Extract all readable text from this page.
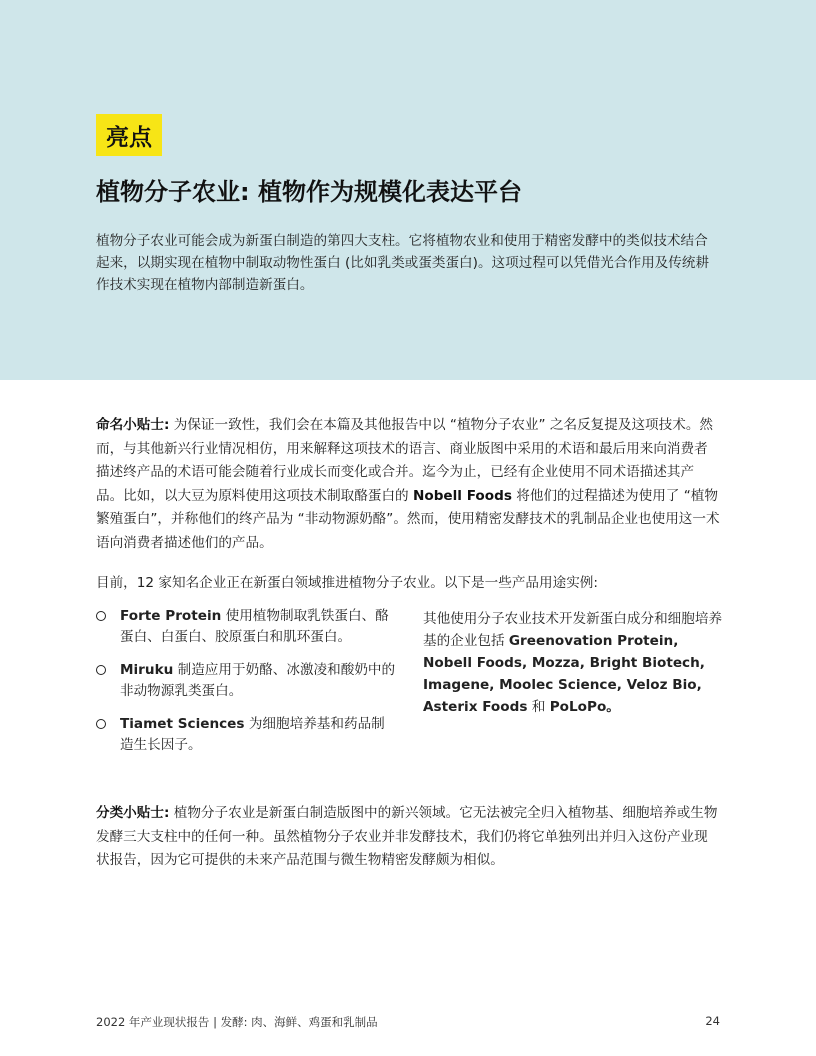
亮点
植物分子农业: 植物作为规模化表达平台
植物分子农业可能会成为新蛋白制造的第四大支柱。它将植物农业和使用于精密发酵中的类似技术结合起来，以期实现在植物中制取动物性蛋白 (比如乳类或蛋类蛋白)。这项过程可以凭借光合作用及传统耕作技术实现在植物内部制造新蛋白。
命名小贴士: 为保证一致性，我们会在本篇及其他报告中以 “植物分子农业” 之名反复提及这项技术。然而，与其他新兴行业情况相仿，用来解释这项技术的语言、商业版图中采用的术语和最后用来向消费者描述终产品的术语可能会随着行业成长而变化或合并。迄今为止，已经有企业使用不同术语描述其产品。比如，以大豆为原料使用这项技术制取酪蛋白的 Nobell Foods 将他们的过程描述为使用了 “植物繁殖蛋白”，并称他们的终产品为 “非动物源奶酪”。然而，使用精密发酵技术的乳制品企业也使用这一术语向消费者描述他们的产品。
目前，12 家知名企业正在新蛋白领域推进植物分子农业。以下是一些产品用途实例:
Forte Protein 使用植物制取乳铁蛋白、酪蛋白、白蛋白、胶原蛋白和肌环蛋白。
Miruku 制造应用于奶酪、冰激凌和酸奶中的非动物源乳类蛋白。
Tiamet Sciences 为细胞培养基和药品制造生长因子。
其他使用分子农业技术开发新蛋白成分和细胞培养基的企业包括 Greenovation Protein, Nobell Foods, Mozza, Bright Biotech, Imagene, Moolec Science, Veloz Bio, Asterix Foods 和 PoLoPo。
分类小贴士: 植物分子农业是新蛋白制造版图中的新兴领域。它无法被完全归入植物基、细胞培养或生物发酵三大支柱中的任何一种。虽然植物分子农业并非发酵技术，我们仍将它单独列出并归入这份产业现状报告，因为它可提供的未来产品范围与微生物精密发酵颇为相似。
2022 年产业现状报告 | 发酵: 肉、海鲜、鸡蛋和乳制品	24
